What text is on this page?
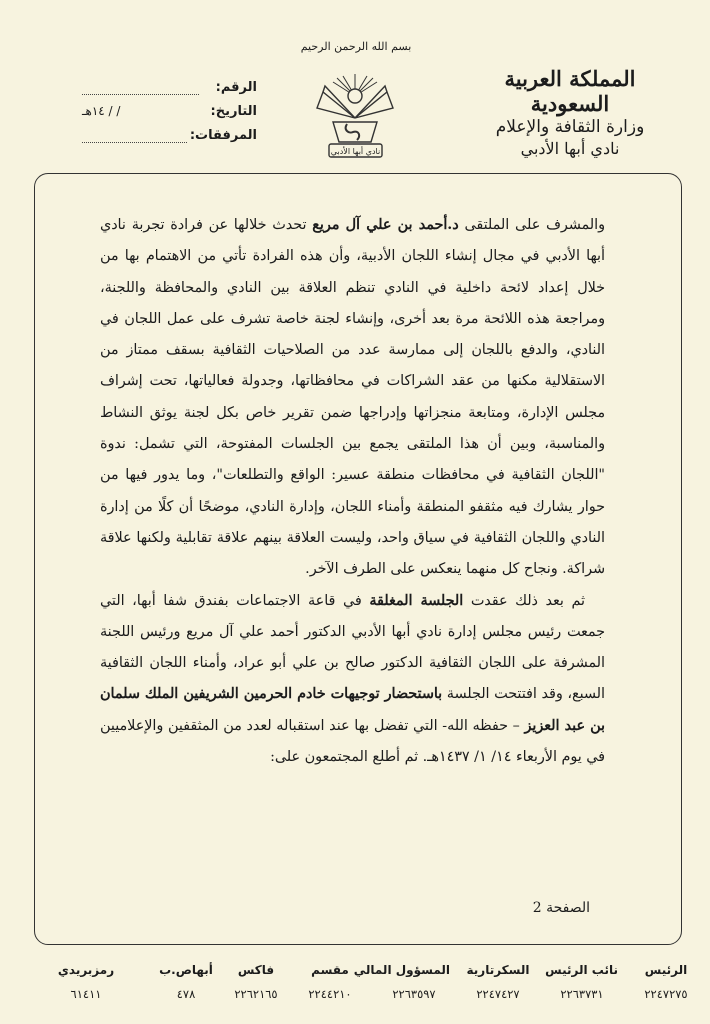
المملكة العربية السعودية
وزارة الثقافة والإعلام
نادي أبها الأدبي
بسم الله الرحمن الرحيم
نادي أبها الأدبي
الرقم:
التاريخ:
/ / ١٤هـ
المرفقات:

والمشرف على الملتقى د.أحمد بن علي آل مريع تحدث خلالها عن فرادة تجربة نادي أبها الأدبي في مجال إنشاء اللجان الأدبية، وأن هذه الفرادة تأتي من الاهتمام بها من خلال إعداد لائحة داخلية في النادي تنظم العلاقة بين النادي والمحافظة واللجنة، ومراجعة هذه اللائحة مرة بعد أخرى، وإنشاء لجنة خاصة تشرف على عمل اللجان في النادي، والدفع باللجان إلى ممارسة عدد من الصلاحيات الثقافية بسقف ممتاز من الاستقلالية مكنها من عقد الشراكات في محافظاتها، وجدولة فعالياتها، تحت إشراف مجلس الإدارة، ومتابعة منجزاتها وإدراجها ضمن تقرير خاص بكل لجنة يوثق النشاط والمناسبة، وبين أن هذا الملتقى يجمع بين الجلسات المفتوحة، التي تشمل: ندوة "اللجان الثقافية في محافظات منطقة عسير: الواقع والتطلعات"، وما يدور فيها من حوار يشارك فيه مثقفو المنطقة وأمناء اللجان، وإدارة النادي، موضحًا أن كلًا من إدارة النادي واللجان الثقافية في سياق واحد، وليست العلاقة بينهم علاقة تقابلية ولكنها علاقة شراكة. ونجاح كل منهما ينعكس على الطرف الآخر.

ثم بعد ذلك عقدت الجلسة المغلقة في قاعة الاجتماعات بفندق شفا أبها، التي جمعت رئيس مجلس إدارة نادي أبها الأدبي الدكتور أحمد علي آل مريع ورئيس اللجنة المشرفة على اللجان الثقافية الدكتور صالح بن علي أبو عراد، وأمناء اللجان الثقافية السبع، وقد افتتحت الجلسة باستحضار توجيهات خادم الحرمين الشريفين الملك سلمان بن عبد العزيز – حفظه الله- التي تفضل بها عند استقباله لعدد من المثقفين والإعلاميين في يوم الأربعاء ١٤/ ١/ ١٤٣٧هـ. ثم أطلع المجتمعون على:

الصفحة 2
الرئيس
٢٢٤٧٢٧٥
نائب الرئيس
٢٢٦٣٧٣١
السكرتارية
٢٢٤٧٤٢٧
المسؤول المالي
٢٢٦٣٥٩٧
مقسم
٢٢٤٤٢١٠
فاكس
٢٢٦٢١٦٥
أبهاص.ب
٤٧٨
رمزبريدي
٦١٤١١
